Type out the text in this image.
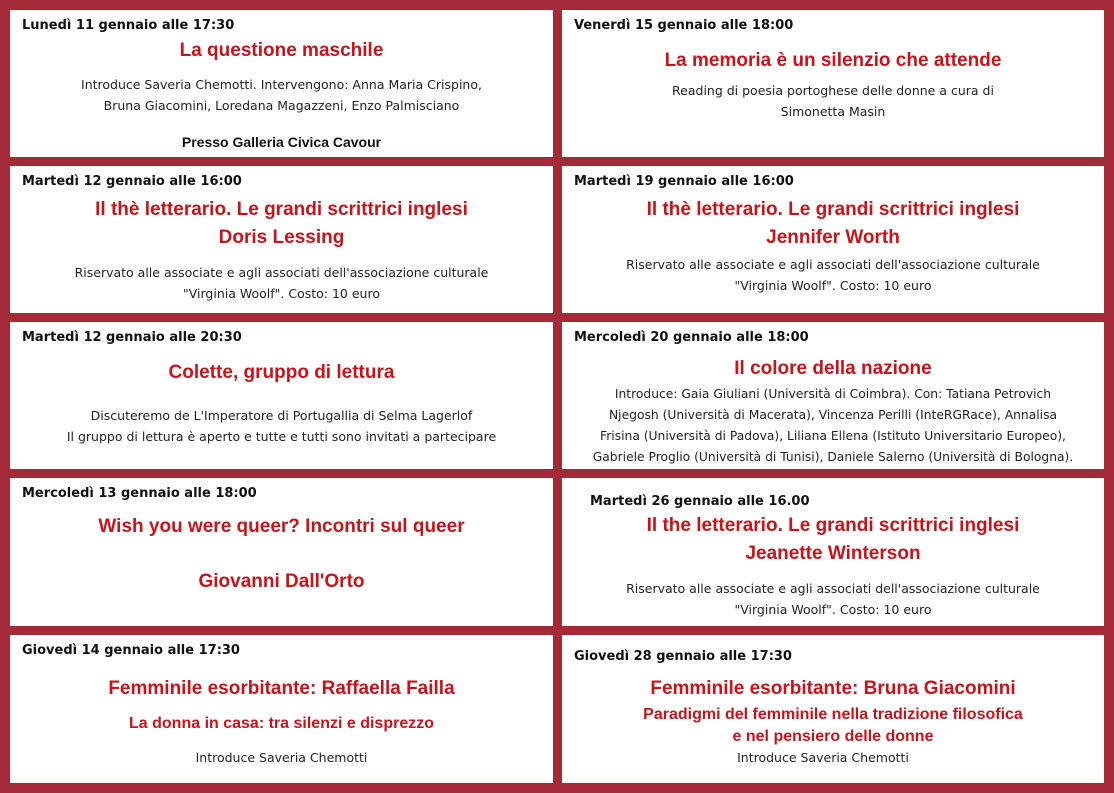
Lunedì 11 gennaio alle 17:30
La questione maschile
Introduce Saveria Chemotti. Intervengono: Anna Maria Crispino,
Bruna Giacomini, Loredana Magazzeni, Enzo Palmisciano
Presso Galleria Civica Cavour
Venerdì 15 gennaio alle 18:00
La memoria è un silenzio che attende
Reading di poesia portoghese delle donne a cura di
Simonetta Masin
Martedì 12 gennaio alle 16:00
Il thè letterario. Le grandi scrittrici inglesi
Doris Lessing
Riservato alle associate e agli associati dell'associazione culturale
"Virginia Woolf". Costo: 10 euro
Martedì 19 gennaio alle 16:00
Il thè letterario. Le grandi scrittrici inglesi
Jennifer Worth
Riservato alle associate e agli associati dell'associazione culturale
"Virginia Woolf". Costo: 10 euro
Martedì 12 gennaio alle 20:30
Colette, gruppo di lettura
Discuteremo de L'Imperatore di Portugallia di Selma Lagerlof
Il gruppo di lettura è aperto e tutte e tutti sono invitati a partecipare
Mercoledì 20 gennaio alle 18:00
Il colore della nazione
Introduce: Gaia Giuliani (Università di Coimbra). Con: Tatiana Petrovich
Njegosh (Università di Macerata), Vincenza Perilli (InteRGRace), Annalisa
Frisina (Università di Padova), Liliana Ellena (Istituto Universitario Europeo),
Gabriele Proglio (Università di Tunisi), Daniele Salerno (Università di Bologna).
Mercoledì 13 gennaio alle 18:00
Wish you were queer? Incontri sul queer
Giovanni Dall'Orto
Martedì 26 gennaio alle 16.00
Il the letterario. Le grandi scrittrici inglesi
Jeanette Winterson
Riservato alle associate e agli associati dell'associazione culturale
"Virginia Woolf". Costo: 10 euro
Giovedì 14 gennaio alle 17:30
Femminile esorbitante: Raffaella Failla
La donna in casa: tra silenzi e disprezzo
Introduce Saveria Chemotti
Giovedì 28 gennaio alle 17:30
Femminile esorbitante: Bruna Giacomini
Paradigmi del femminile nella tradizione filosofica
e nel pensiero delle donne
Introduce Saveria Chemotti
